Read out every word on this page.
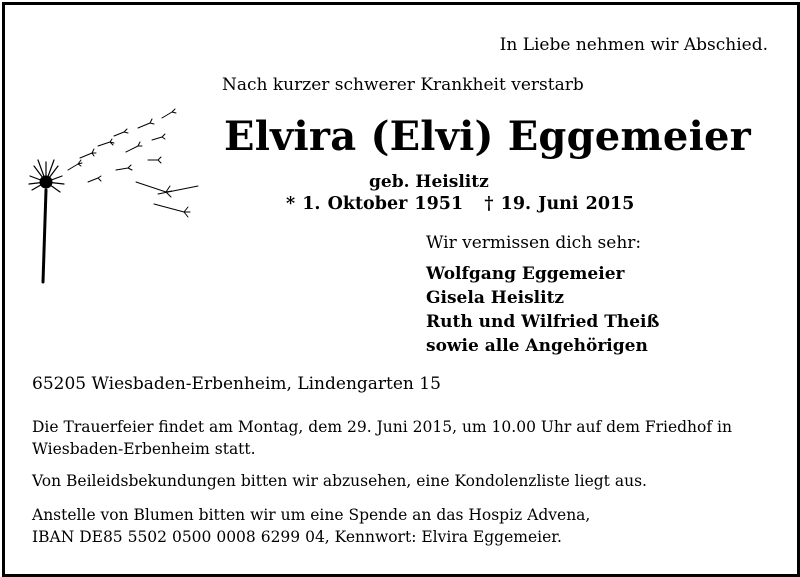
In Liebe nehmen wir Abschied.
Nach kurzer schwerer Krankheit verstarb
Elvira (Elvi) Eggemeier
geb. Heislitz
* 1. Oktober 1951   † 19. Juni 2015
Wir vermissen dich sehr:
Wolfgang Eggemeier
Gisela Heislitz
Ruth und Wilfried Theiß
sowie alle Angehörigen
65205 Wiesbaden-Erbenheim, Lindengarten 15

Die Trauerfeier findet am Montag, dem 29. Juni 2015, um 10.00 Uhr auf dem Friedhof in Wiesbaden-Erbenheim statt.

Von Beileidsbekundungen bitten wir abzusehen, eine Kondolenzliste liegt aus.

Anstelle von Blumen bitten wir um eine Spende an das Hospiz Advena,
IBAN DE85 5502 0500 0008 6299 04, Kennwort: Elvira Eggemeier.
